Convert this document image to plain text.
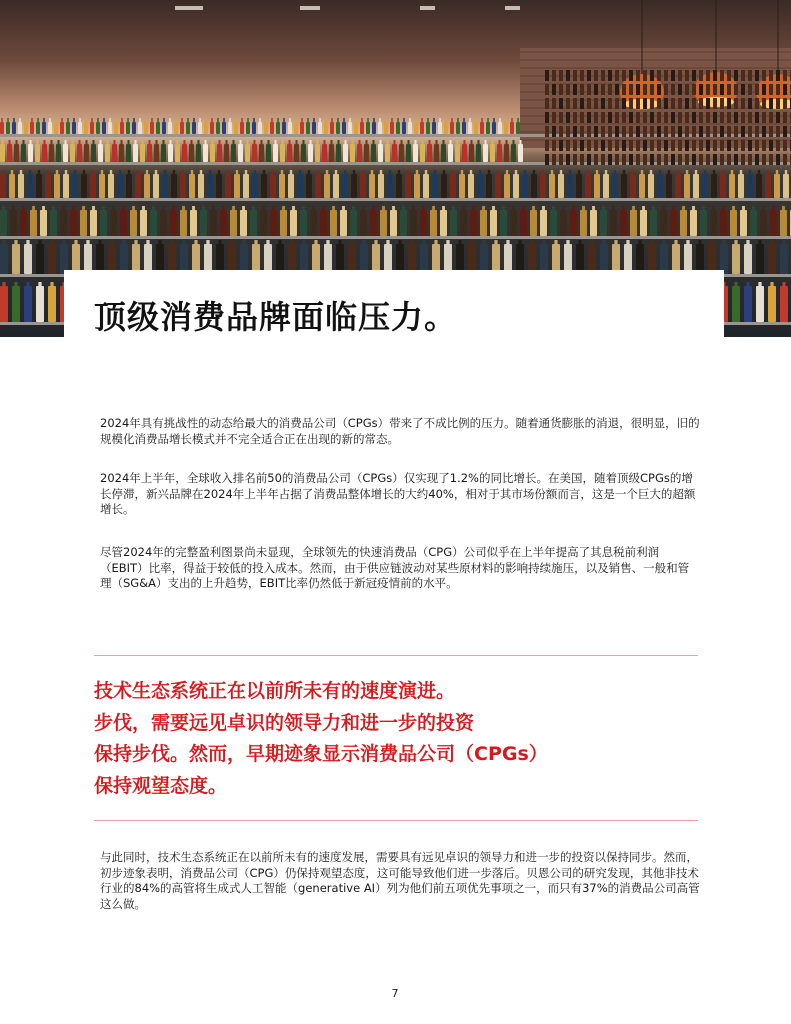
顶级消费品牌面临压力。

2024年具有挑战性的动态给最大的消费品公司（CPGs）带来了不成比例的压力。随着通货膨胀的消退，很明显，旧的规模化消费品增长模式并不完全适合正在出现的新的常态。

2024年上半年，全球收入排名前50的消费品公司（CPGs）仅实现了1.2%的同比增长。在美国，随着顶级CPGs的增长停滞，新兴品牌在2024年上半年占据了消费品整体增长的大约40%，相对于其市场份额而言，这是一个巨大的超额增长。

尽管2024年的完整盈利图景尚未显现，全球领先的快速消费品（CPG）公司似乎在上半年提高了其息税前利润（EBIT）比率，得益于较低的投入成本。然而，由于供应链波动对某些原材料的影响持续施压，以及销售、一般和管理（SG&A）支出的上升趋势，EBIT比率仍然低于新冠疫情前的水平。

技术生态系统正在以前所未有的速度演进。

步伐，需要远见卓识的领导力和进一步的投资

保持步伐。然而，早期迹象显示消费品公司（CPGs）

保持观望态度。

与此同时，技术生态系统正在以前所未有的速度发展，需要具有远见卓识的领导力和进一步的投资以保持同步。然而，初步迹象表明，消费品公司（CPG）仍保持观望态度，这可能导致他们进一步落后。贝恩公司的研究发现，其他非技术行业的84%的高管将生成式人工智能（generative AI）列为他们前五项优先事项之一，而只有37%的消费品公司高管这么做。

7
